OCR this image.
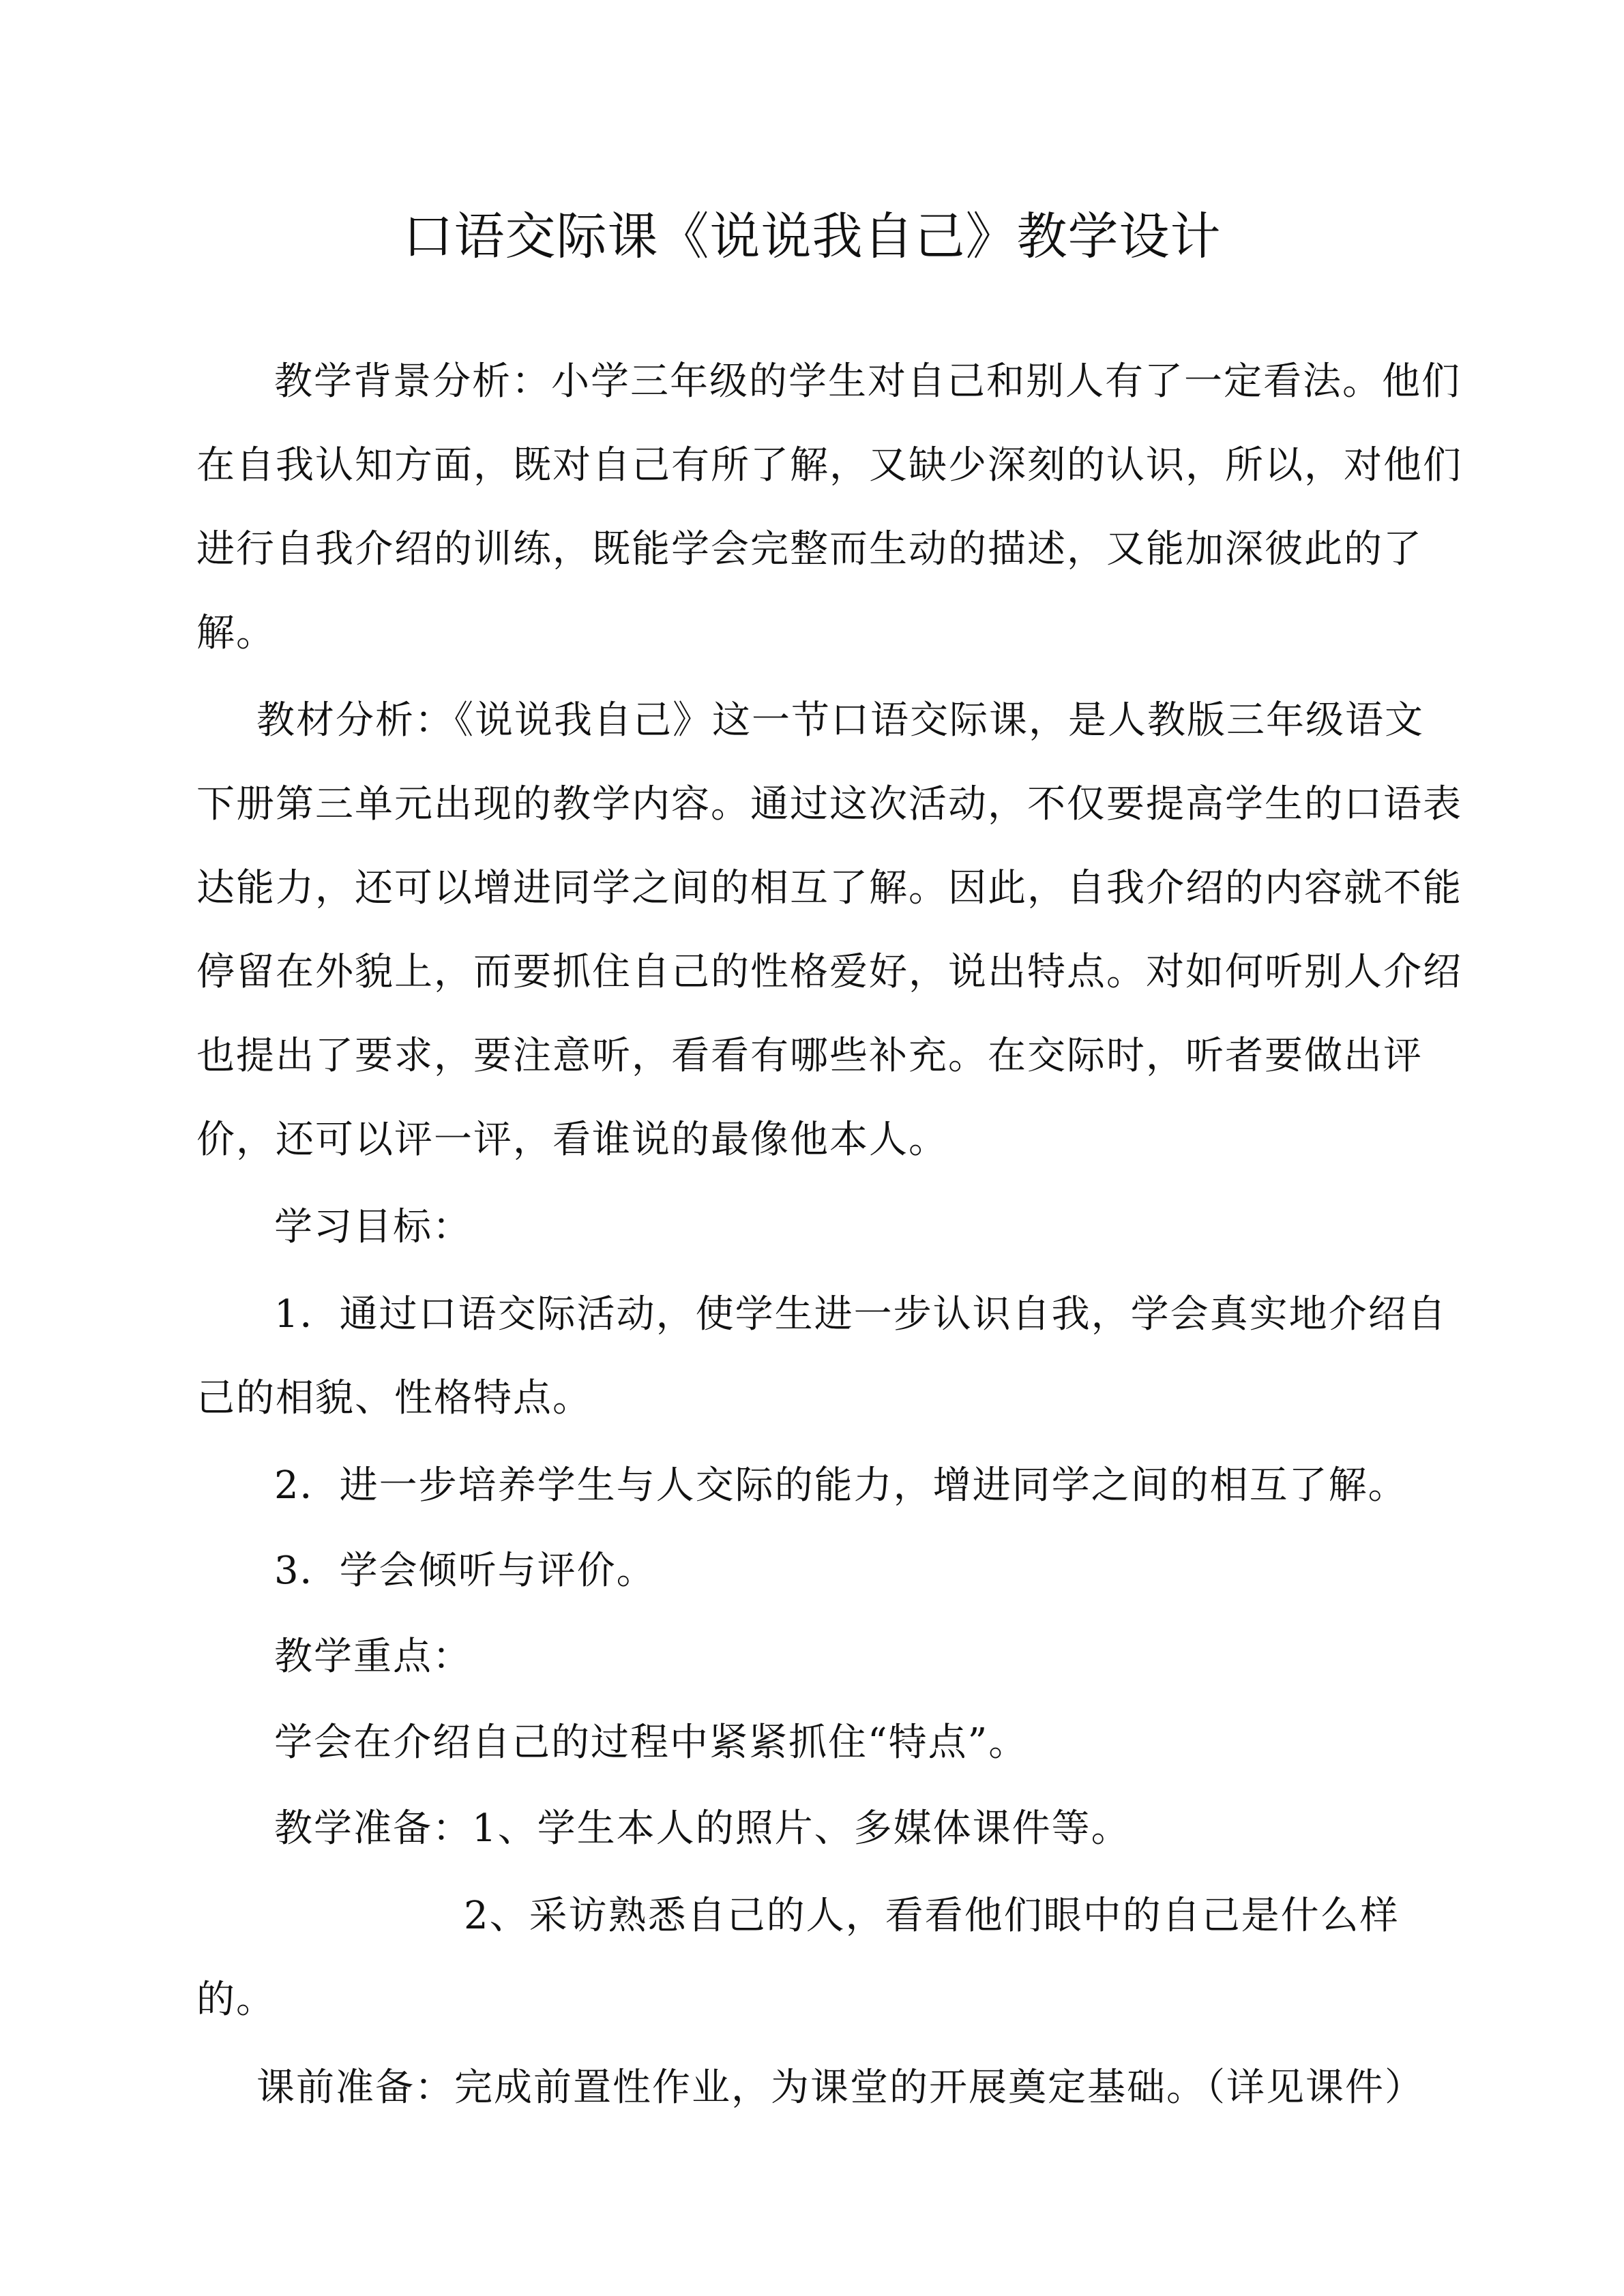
口语交际课《说说我自己》教学设计
教学背景分析：小学三年级的学生对自己和别人有了一定看法。他们
在自我认知方面，既对自己有所了解，又缺少深刻的认识，所以，对他们
进行自我介绍的训练，既能学会完整而生动的描述，又能加深彼此的了
解。
教材分析：《说说我自己》这一节口语交际课，是人教版三年级语文
下册第三单元出现的教学内容。通过这次活动，不仅要提高学生的口语表
达能力，还可以增进同学之间的相互了解。因此，自我介绍的内容就不能
停留在外貌上，而要抓住自己的性格爱好，说出特点。对如何听别人介绍
也提出了要求，要注意听，看看有哪些补充。在交际时，听者要做出评
价，还可以评一评，看谁说的最像他本人。
学习目标：
1．通过口语交际活动，使学生进一步认识自我，学会真实地介绍自
己的相貌、性格特点。
2．进一步培养学生与人交际的能力，增进同学之间的相互了解。
3．学会倾听与评价。
教学重点：
学会在介绍自己的过程中紧紧抓住“特点”。
教学准备：1、学生本人的照片、多媒体课件等。
2、采访熟悉自己的人，看看他们眼中的自己是什么样
的。
课前准备：完成前置性作业，为课堂的开展奠定基础。（详见课件）
